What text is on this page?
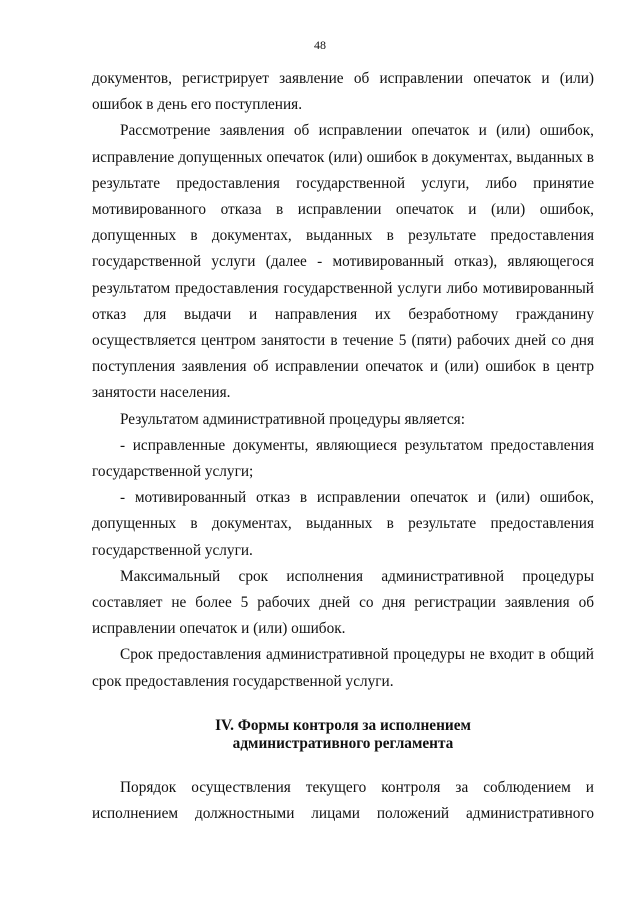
48

документов, регистрирует заявление об исправлении опечаток и (или) ошибок в день его поступления.

Рассмотрение заявления об исправлении опечаток и (или) ошибок, исправление допущенных опечаток (или) ошибок в документах, выданных в результате предоставления государственной услуги, либо принятие мотивированного отказа в исправлении опечаток и (или) ошибок, допущенных в документах, выданных в результате предоставления государственной услуги (далее - мотивированный отказ), являющегося результатом предоставления государственной услуги либо мотивированный отказ для выдачи и направления их безработному гражданину осуществляется центром занятости в течение 5 (пяти) рабочих дней со дня поступления заявления об исправлении опечаток и (или) ошибок в центр занятости населения.

Результатом административной процедуры является:

- исправленные документы, являющиеся результатом предоставления государственной услуги;

- мотивированный отказ в исправлении опечаток и (или) ошибок, допущенных в документах, выданных в результате предоставления государственной услуги.

Максимальный срок исполнения административной процедуры составляет не более 5 рабочих дней со дня регистрации заявления об исправлении опечаток и (или) ошибок.

Срок предоставления административной процедуры не входит в общий срок предоставления государственной услуги.

IV. Формы контроля за исполнением
административного регламента

Порядок осуществления текущего контроля за соблюдением и исполнением должностными лицами положений административного
